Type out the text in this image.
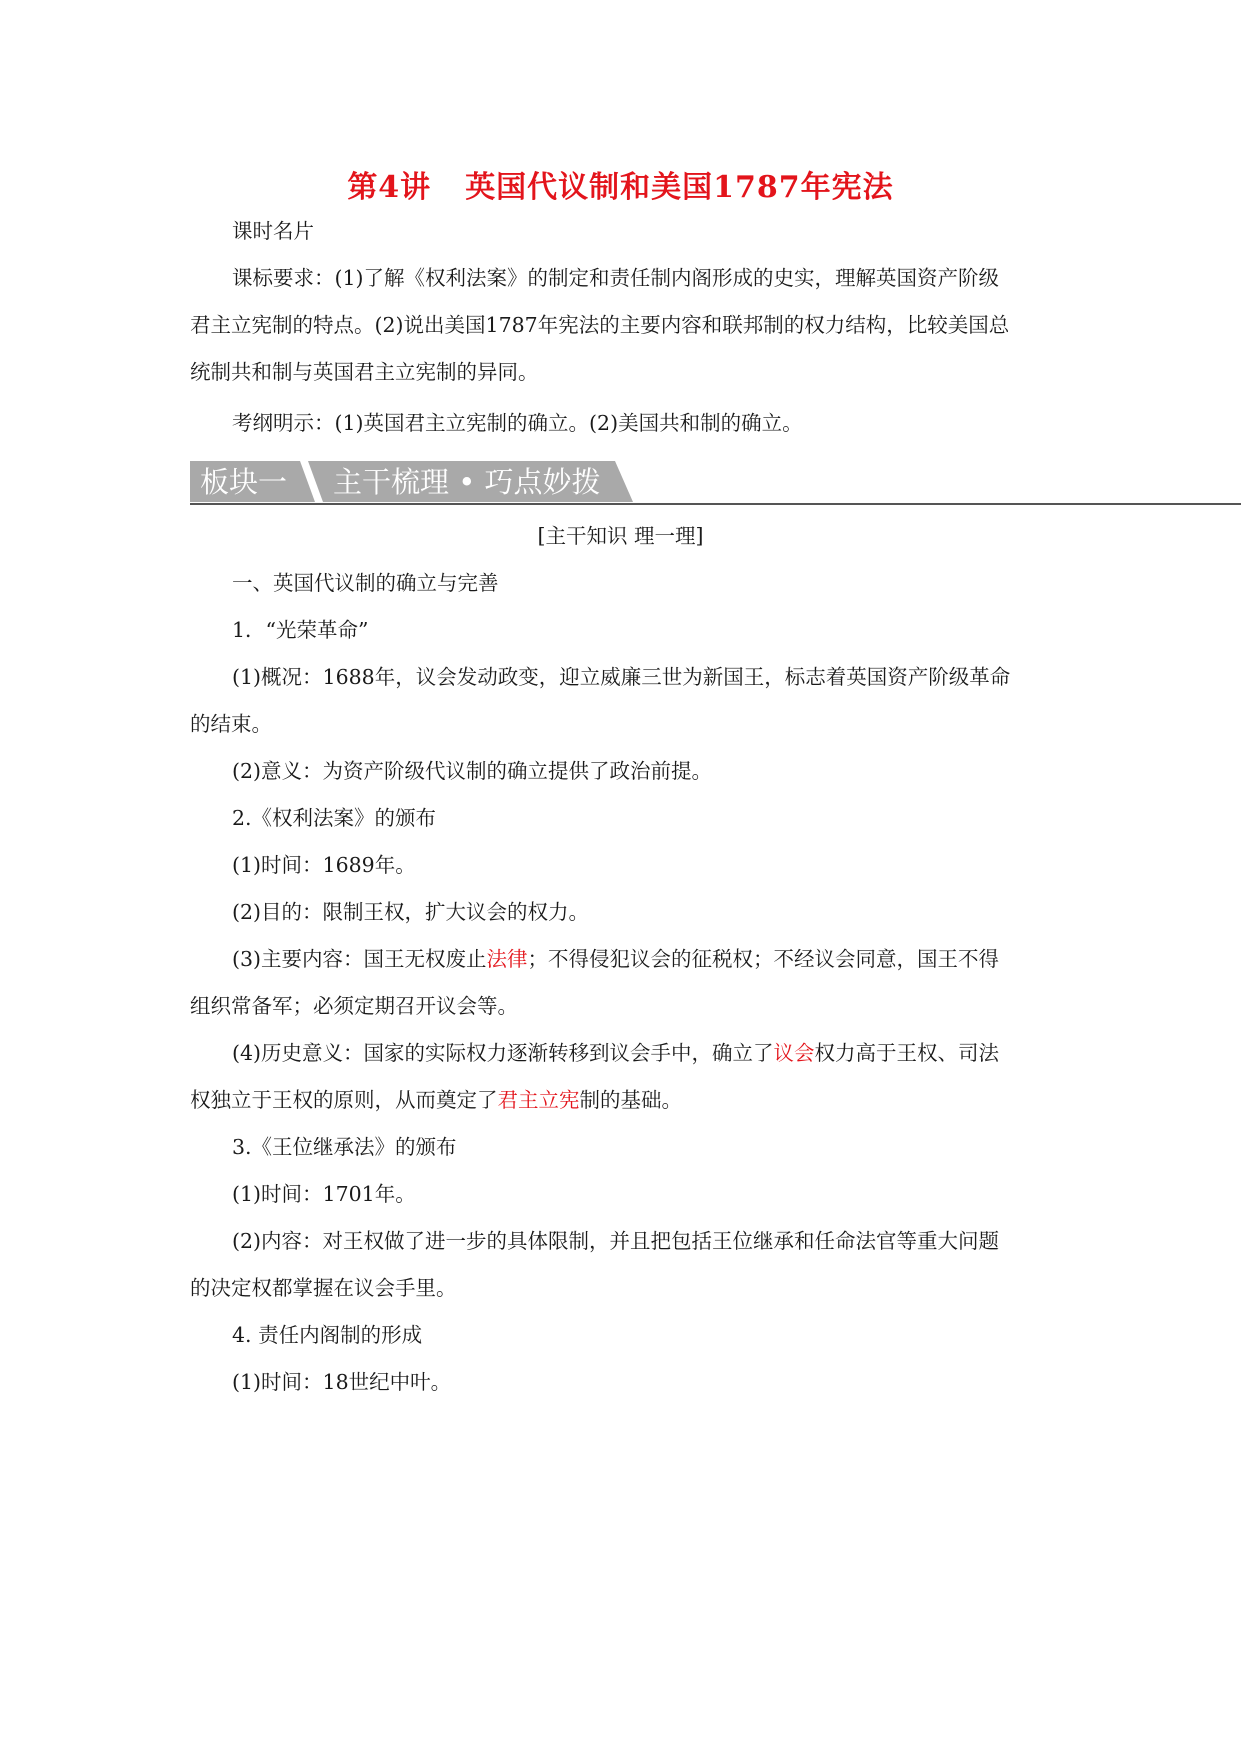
第4讲 英国代议制和美国1787年宪法
课时名片
课标要求：(1)了解《权利法案》的制定和责任制内阁形成的史实，理解英国资产阶级
君主立宪制的特点。(2)说出美国1787年宪法的主要内容和联邦制的权力结构，比较美国总
统制共和制与英国君主立宪制的异同。
考纲明示：(1)英国君主立宪制的确立。(2)美国共和制的确立。
板块一 主干梳理 • 巧点妙拨
[主干知识 理一理]
一、英国代议制的确立与完善
1．“光荣革命”
(1)概况：1688年，议会发动政变，迎立威廉三世为新国王，标志着英国资产阶级革命
的结束。
(2)意义：为资产阶级代议制的确立提供了政治前提。
2.《权利法案》的颁布
(1)时间：1689年。
(2)目的：限制王权，扩大议会的权力。
(3)主要内容：国王无权废止法律；不得侵犯议会的征税权；不经议会同意，国王不得
组织常备军；必须定期召开议会等。
(4)历史意义：国家的实际权力逐渐转移到议会手中，确立了议会权力高于王权、司法
权独立于王权的原则，从而奠定了君主立宪制的基础。
3.《王位继承法》的颁布
(1)时间：1701年。
(2)内容：对王权做了进一步的具体限制，并且把包括王位继承和任命法官等重大问题
的决定权都掌握在议会手里。
4. 责任内阁制的形成
(1)时间：18世纪中叶。
